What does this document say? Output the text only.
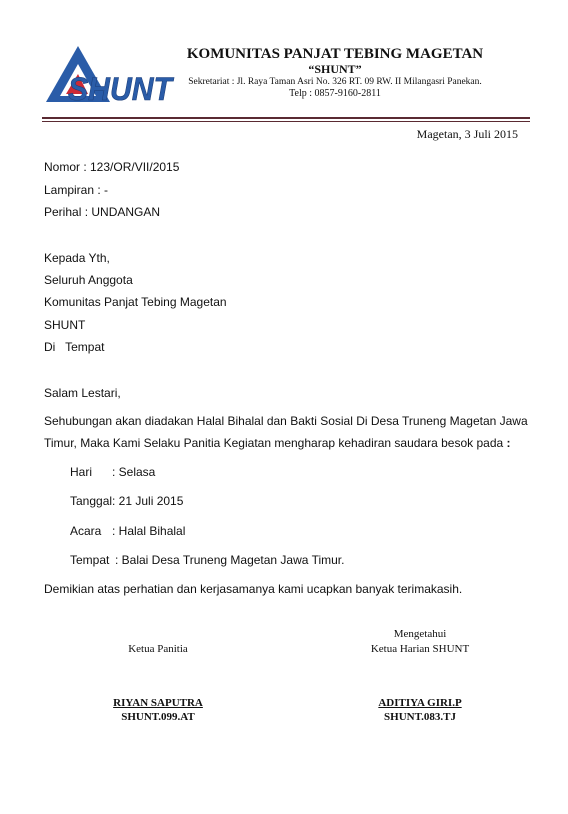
SHUNT
KOMUNITAS PANJAT TEBING MAGETAN
“SHUNT”
Sekretariat : Jl. Raya Taman Asri No. 326 RT. 09 RW. II Milangasri Panekan.
Telp : 0857-9160-2811
Magetan, 3 Juli 2015
Nomor : 123/OR/VII/2015
Lampiran : -
Perihal : UNDANGAN
Kepada Yth,
Seluruh Anggota
Komunitas Panjat Tebing Magetan
SHUNT
Di   Tempat
Salam Lestari,
Sehubungan akan diadakan Halal Bihalal dan Bakti Sosial Di Desa Truneng Magetan Jawa
Timur, Maka Kami Selaku Panitia Kegiatan mengharap kehadiran saudara besok pada :
Hari : Selasa
Tanggal : 21 Juli 2015
Acara : Halal Bihalal
Tempat : Balai Desa Truneng Magetan Jawa Timur.
Demikian atas perhatian dan kerjasamanya kami ucapkan banyak terimakasih.
Ketua Panitia
RIYAN SAPUTRA
SHUNT.099.AT
Mengetahui
Ketua Harian SHUNT
ADITIYA GIRI.P
SHUNT.083.TJ
